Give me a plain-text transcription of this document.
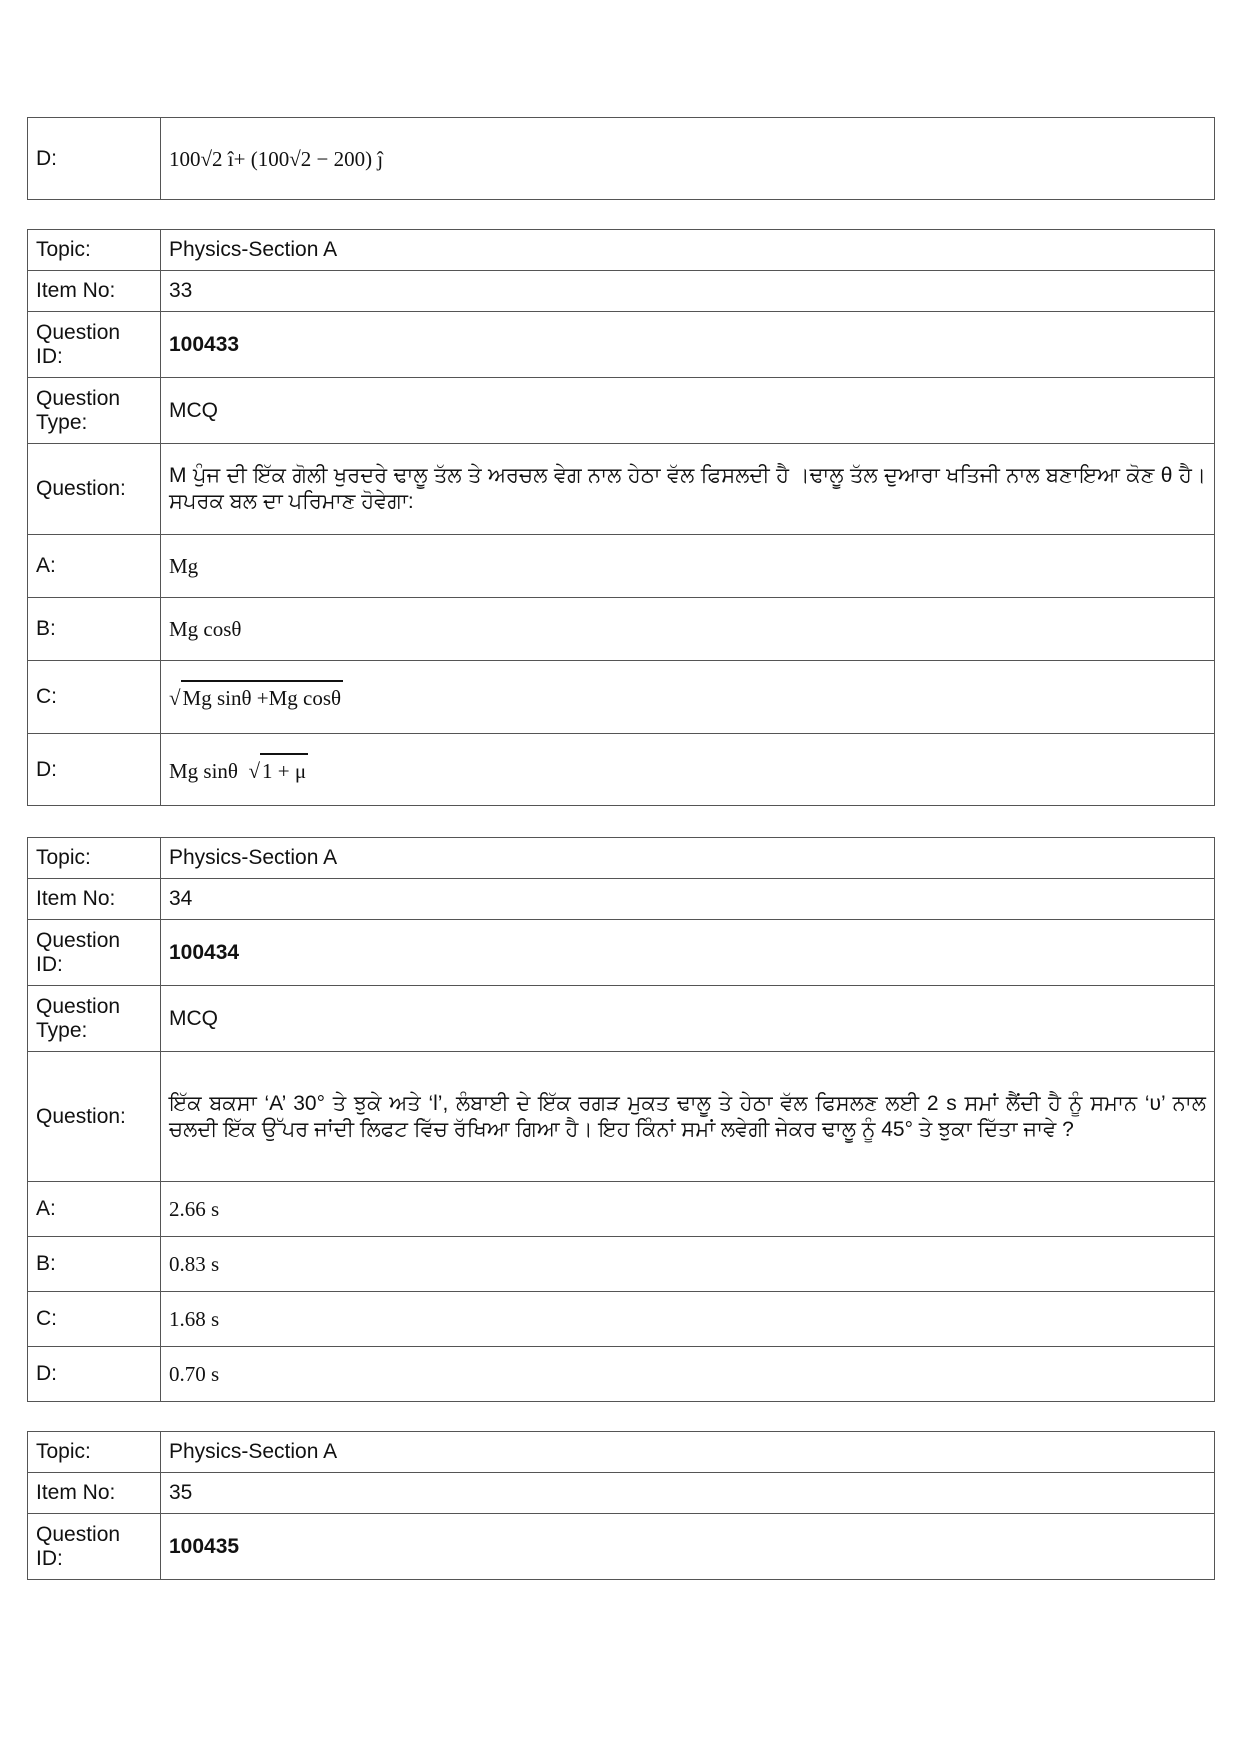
D:	100√2 î+ (100√2 − 200) ĵ
Topic:	Physics-Section A
Item No:	33
Question ID:	100433
Question Type:	MCQ
Question:	M ਪੁੰਜ ਦੀ ਇੱਕ ਗੋਲੀ ਖੁਰਦਰੇ ਢਾਲੂ ਤੱਲ ਤੇ ਅਰਚਲ ਵੇਗ ਨਾਲ ਹੇਠਾ ਵੱਲ ਫਿਸਲਦੀ ਹੈ ।ਢਾਲੂ ਤੱਲ ਦੁਆਰਾ ਖਤਿਜੀ ਨਾਲ ਬਣਾਇਆ ਕੋਣ θ ਹੈ। ਸਪਰਕ ਬਲ ਦਾ ਪਰਿਮਾਣ ਹੋਵੇਗਾ:
A:	Mg
B:	Mg cosθ
C:	√Mg sinθ +Mg cosθ
D:	Mg sinθ √1 + μ
Topic:	Physics-Section A
Item No:	34
Question ID:	100434
Question Type:	MCQ
Question:	ਇੱਕ ਬਕਸਾ ‘A’ 30° ਤੇ ਝੁਕੇ ਅਤੇ ‘l’, ਲੰਬਾਈ ਦੇ ਇੱਕ ਰਗੜ ਮੁਕਤ ਢਾਲੂ ਤੇ ਹੇਠਾ ਵੱਲ ਫਿਸਲਣ ਲਈ 2 s ਸਮਾਂ ਲੈਂਦੀ ਹੈ ਨੂੰ ਸਮਾਨ ‘υ’ ਨਾਲ ਚਲਦੀ ਇੱਕ ਉੱਪਰ ਜਾਂਦੀ ਲਿਫਟ ਵਿੱਚ ਰੱਖਿਆ ਗਿਆ ਹੈ। ਇਹ ਕਿੰਨਾਂ ਸਮਾਂ ਲਵੇਗੀ ਜੇਕਰ ਢਾਲੂ ਨੂੰ 45° ਤੇ ਝੁਕਾ ਦਿੱਤਾ ਜਾਵੇ ?
A:	2.66 s
B:	0.83 s
C:	1.68 s
D:	0.70 s
Topic:	Physics-Section A
Item No:	35
Question ID:	100435
